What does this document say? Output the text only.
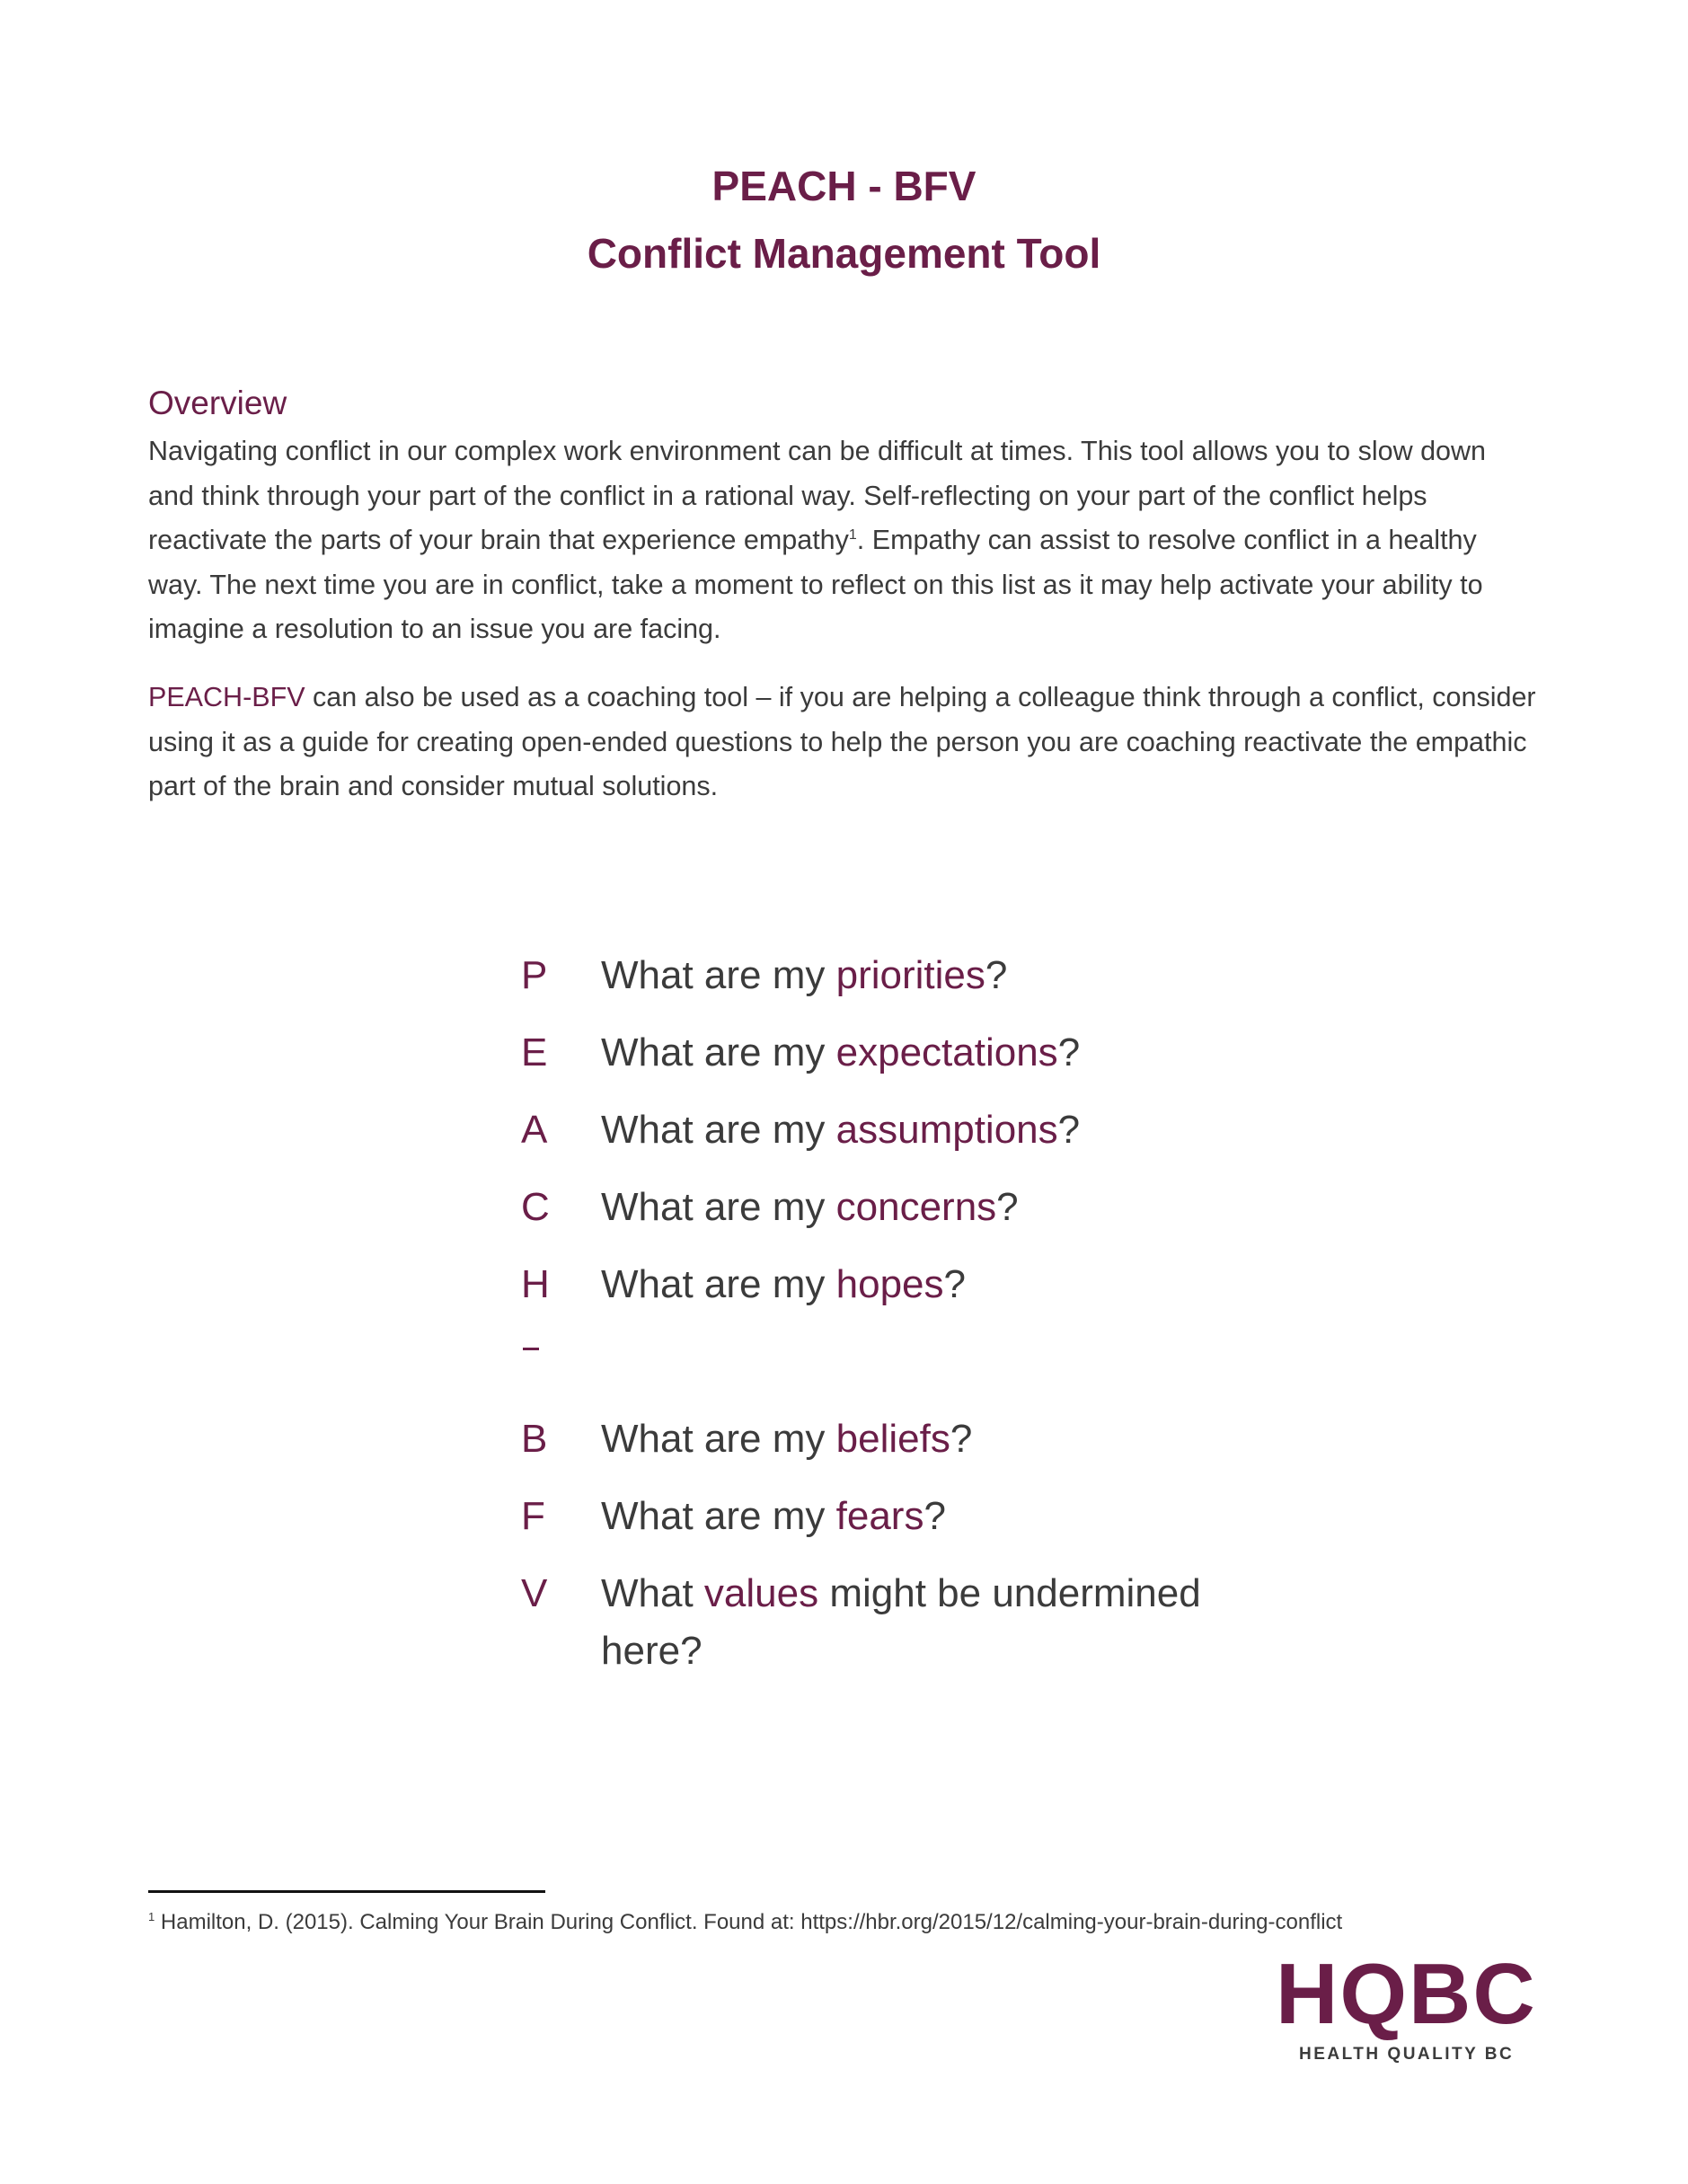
PEACH - BFV
Conflict Management Tool
Overview

Navigating conflict in our complex work environment can be difficult at times. This tool allows you to slow down and think through your part of the conflict in a rational way. Self-reflecting on your part of the conflict helps reactivate the parts of your brain that experience empathy$^1$. Empathy can assist to resolve conflict in a healthy way. The next time you are in conflict, take a moment to reflect on this list as it may help activate your ability to imagine a resolution to an issue you are facing.

PEACH-BFV can also be used as a coaching tool – if you are helping a colleague think through a conflict, consider using it as a guide for creating open-ended questions to help the person you are coaching reactivate the empathic part of the brain and consider mutual solutions.

P	What are my priorities?
E	What are my expectations?
A	What are my assumptions?
C	What are my concerns?
H	What are my hopes?
B	What are my beliefs?
F	What are my fears?
V	What values might be undermined here?
$^1$ Hamilton, D. (2015). Calming Your Brain During Conflict. Found at: https://hbr.org/2015/12/calming-your-brain-during-conflict
HQBC
HEALTH QUALITY BC
